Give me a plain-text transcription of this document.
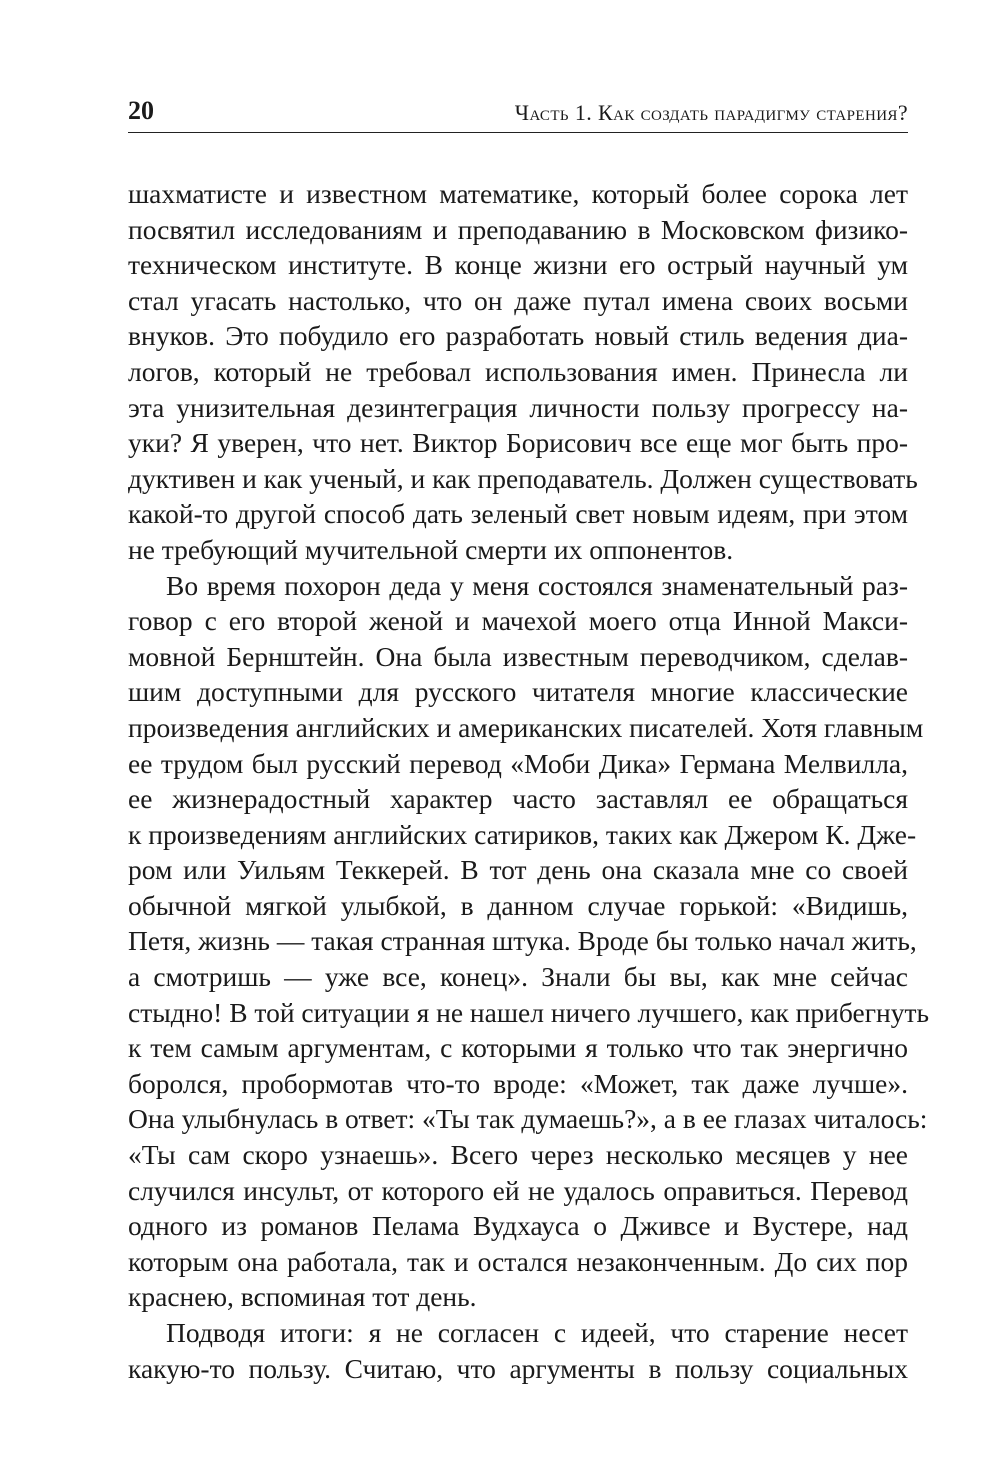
20	Часть 1. Как создать парадигму старения?
шахматисте и известном математике, который более сорока лет
посвятил исследованиям и преподаванию в Московском физико-
техническом институте. В конце жизни его острый научный ум
стал угасать настолько, что он даже путал имена своих восьми
внуков. Это побудило его разработать новый стиль ведения диа-
логов, который не требовал использования имен. Принесла ли
эта унизительная дезинтеграция личности пользу прогрессу на-
уки? Я уверен, что нет. Виктор Борисович все еще мог быть про-
дуктивен и как ученый, и как преподаватель. Должен существовать
какой-то другой способ дать зеленый свет новым идеям, при этом
не требующий мучительной смерти их оппонентов.
Во время похорон деда у меня состоялся знаменательный раз-
говор с его второй женой и мачехой моего отца Инной Макси-
мовной Бернштейн. Она была известным переводчиком, сделав-
шим доступными для русского читателя многие классические
произведения английских и американских писателей. Хотя главным
ее трудом был русский перевод «Моби Дика» Германа Мелвилла,
ее жизнерадостный характер часто заставлял ее обращаться
к произведениям английских сатириков, таких как Джером К. Дже-
ром или Уильям Теккерей. В тот день она сказала мне со своей
обычной мягкой улыбкой, в данном случае горькой: «Видишь,
Петя, жизнь — такая странная штука. Вроде бы только начал жить,
а смотришь — уже все, конец». Знали бы вы, как мне сейчас
стыдно! В той ситуации я не нашел ничего лучшего, как прибегнуть
к тем самым аргументам, с которыми я только что так энергично
боролся, пробормотав что-то вроде: «Может, так даже лучше».
Она улыбнулась в ответ: «Ты так думаешь?», а в ее глазах читалось:
«Ты сам скоро узнаешь». Всего через несколько месяцев у нее
случился инсульт, от которого ей не удалось оправиться. Перевод
одного из романов Пелама Вудхауса о Дживсе и Вустере, над
которым она работала, так и остался незаконченным. До сих пор
краснею, вспоминая тот день.
Подводя итоги: я не согласен с идеей, что старение несет
какую-то пользу. Считаю, что аргументы в пользу социальных
